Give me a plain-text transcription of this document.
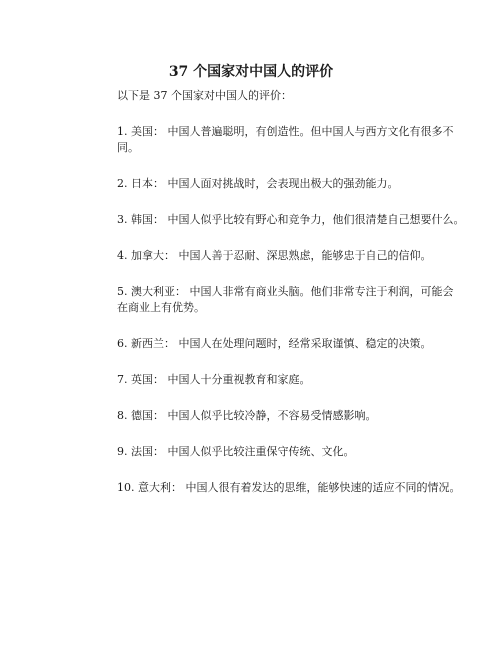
37 个国家对中国人的评价
以下是 37 个国家对中国人的评价：
1. 美国： 中国人普遍聪明，有创造性。但中国人与西方文化有很多不
同。
2. 日本： 中国人面对挑战时，会表现出极大的强劲能力。
3. 韩国： 中国人似乎比较有野心和竞争力，他们很清楚自己想要什么。
4. 加拿大： 中国人善于忍耐、深思熟虑，能够忠于自己的信仰。
5. 澳大利亚： 中国人非常有商业头脑。他们非常专注于利润，可能会
在商业上有优势。
6. 新西兰： 中国人在处理问题时，经常采取谨慎、稳定的决策。
7. 英国： 中国人十分重视教育和家庭。
8. 德国： 中国人似乎比较冷静，不容易受情感影响。
9. 法国： 中国人似乎比较注重保守传统、文化。
10. 意大利： 中国人很有着发达的思维，能够快速的适应不同的情况。
